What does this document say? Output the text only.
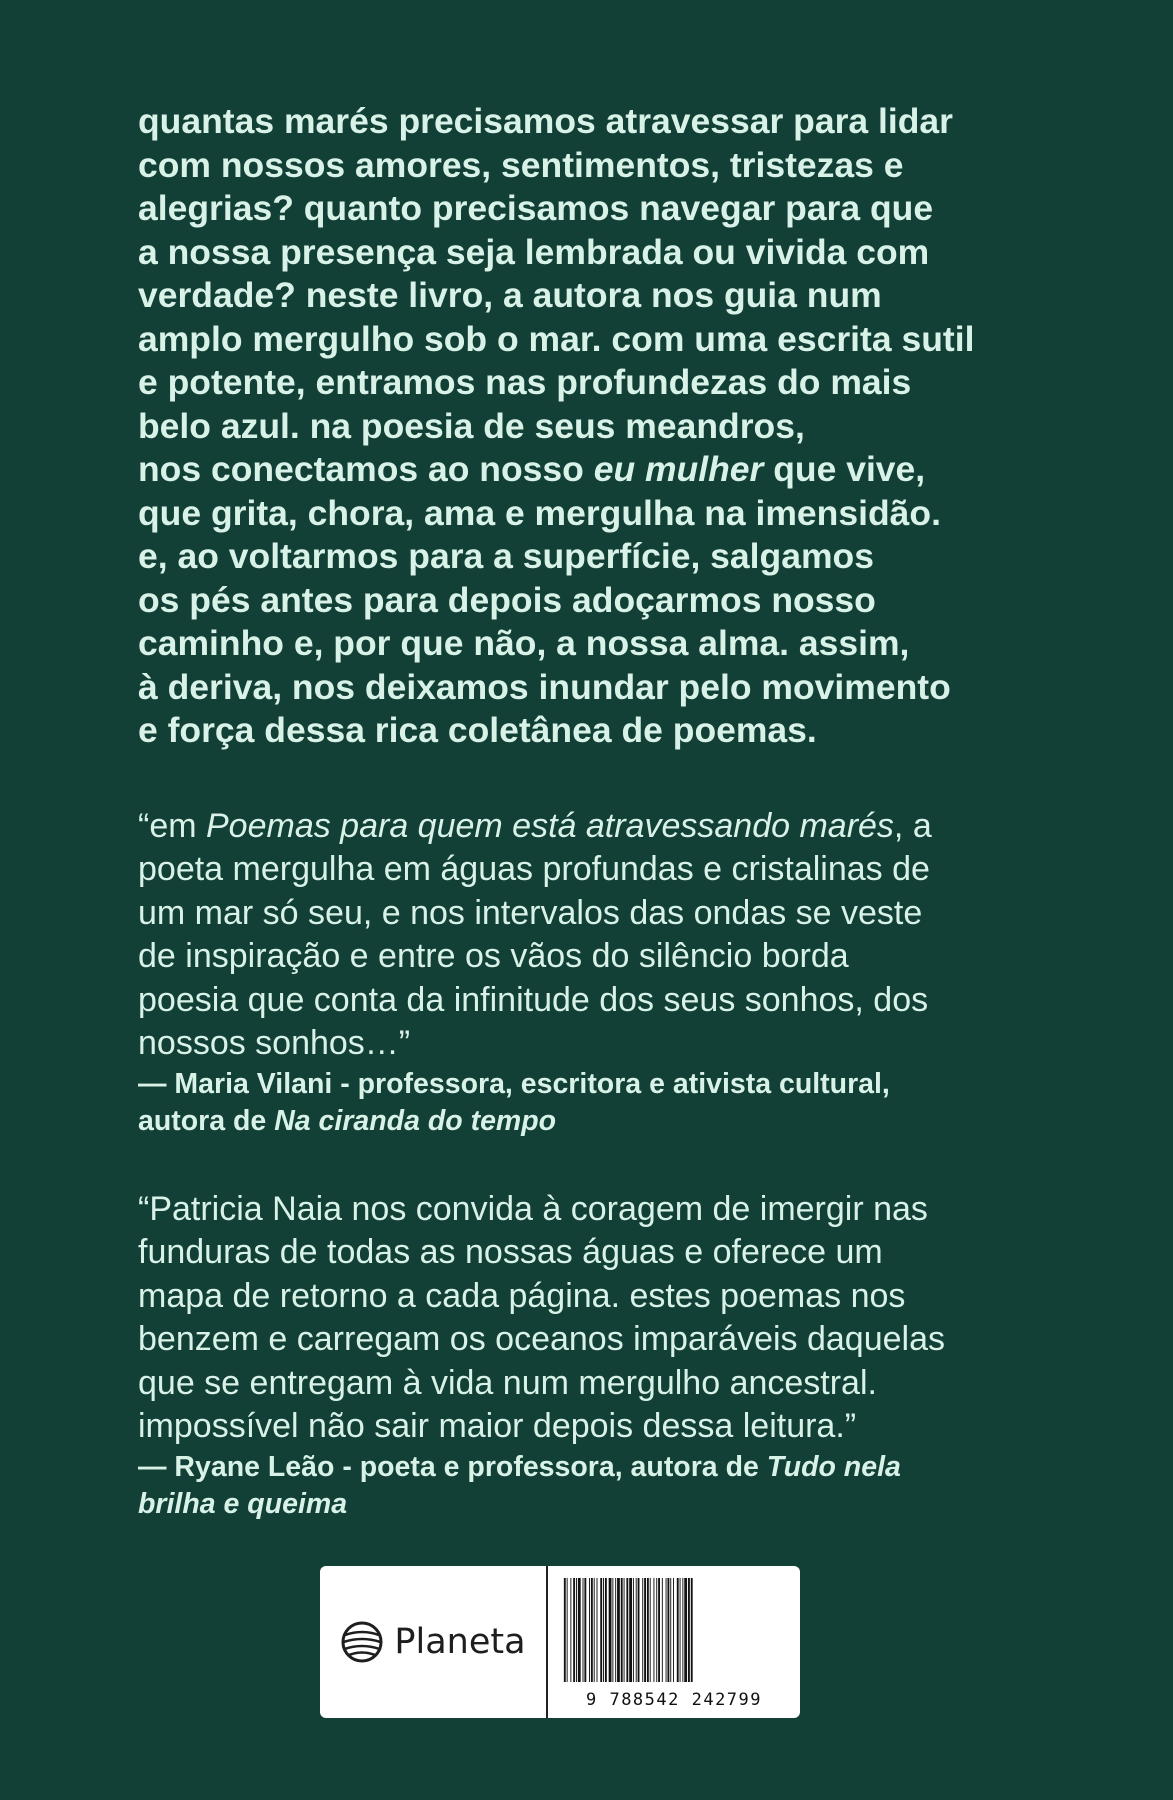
quantas marés precisamos atravessar para lidar
com nossos amores, sentimentos, tristezas e
alegrias? quanto precisamos navegar para que
a nossa presença seja lembrada ou vivida com
verdade? neste livro, a autora nos guia num
amplo mergulho sob o mar. com uma escrita sutil
e potente, entramos nas profundezas do mais
belo azul. na poesia de seus meandros,
nos conectamos ao nosso eu mulher que vive,
que grita, chora, ama e mergulha na imensidão.
e, ao voltarmos para a superfície, salgamos
os pés antes para depois adoçarmos nosso
caminho e, por que não, a nossa alma. assim,
à deriva, nos deixamos inundar pelo movimento
e força dessa rica coletânea de poemas.

“em Poemas para quem está atravessando marés, a
poeta mergulha em águas profundas e cristalinas de
um mar só seu, e nos intervalos das ondas se veste
de inspiração e entre os vãos do silêncio borda
poesia que conta da infinitude dos seus sonhos, dos
nossos sonhos…”

— Maria Vilani - professora, escritora e ativista cultural,
autora de Na ciranda do tempo

“Patricia Naia nos convida à coragem de imergir nas
funduras de todas as nossas águas e oferece um
mapa de retorno a cada página. estes poemas nos
benzem e carregam os oceanos imparáveis daquelas
que se entregam à vida num mergulho ancestral.
impossível não sair maior depois dessa leitura.”

— Ryane Leão - poeta e professora, autora de Tudo nela
brilha e queima

Planeta
9 788542 242799
